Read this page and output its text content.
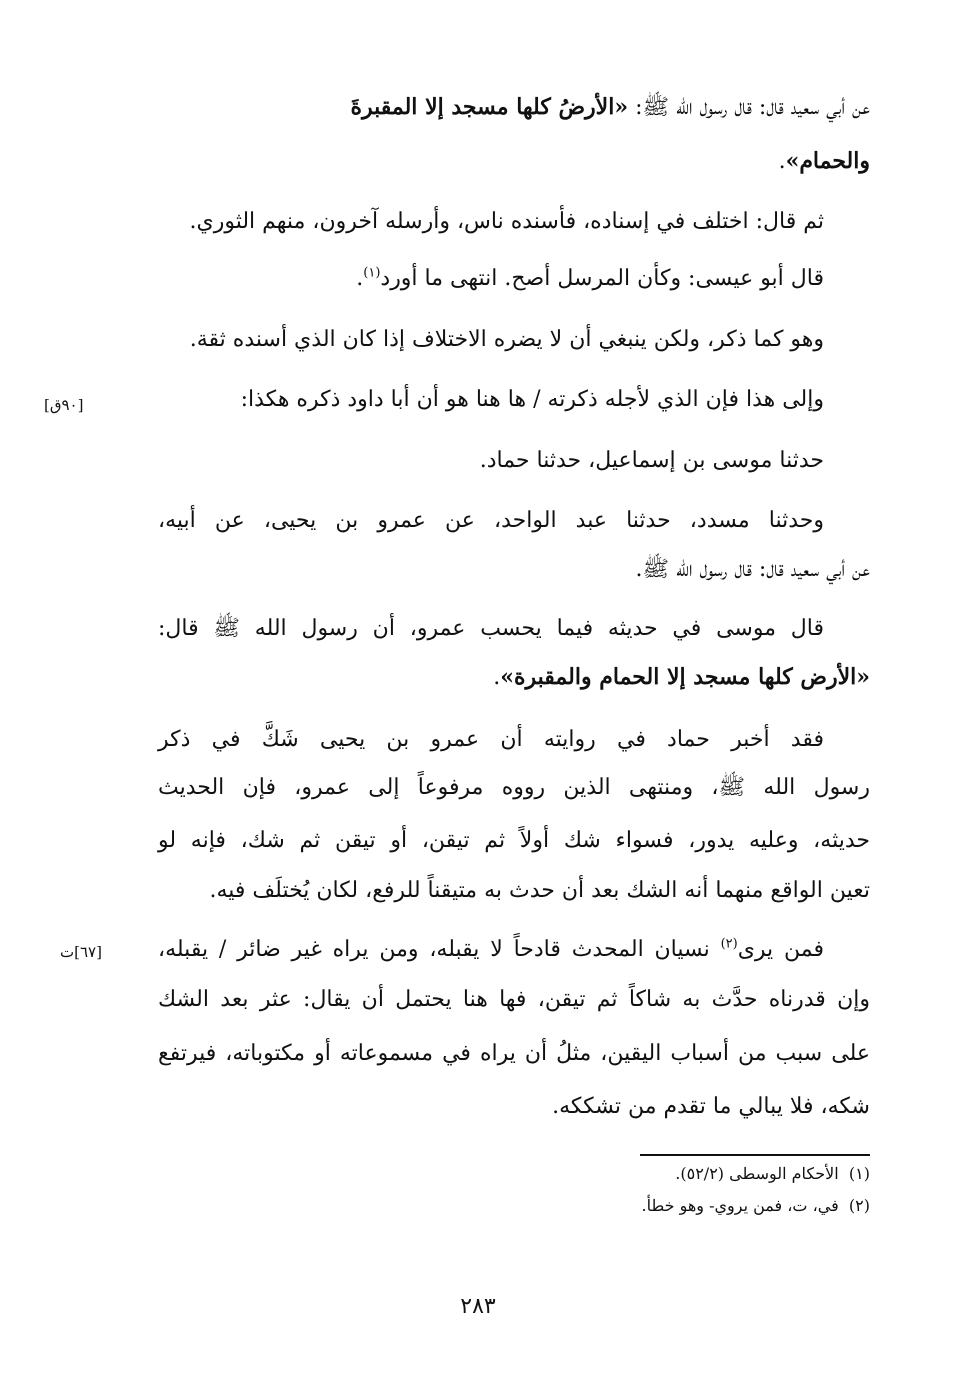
عن أبي سعيد قال: قال رسول الله ﷺ: «الأرضُ كلها مسجد إلا المقبرةَ
والحمام».
ثم قال: اختلف في إسناده، فأسنده ناس، وأرسله آخرون، منهم الثوري.
قال أبو عيسى: وكأن المرسل أصح. انتهى ما أورد$^{(١)}$.
وهو كما ذكر، ولكن ينبغي أن لا يضره الاختلاف إذا كان الذي أسنده ثقة.
وإلى هذا فإن الذي لأجله ذكرته / ها هنا هو أن أبا داود ذكره هكذا:
[٩٠ق]
حدثنا موسى بن إسماعيل، حدثنا حماد.
وحدثنا مسدد، حدثنا عبد الواحد، عن عمرو بن يحيى، عن أبيه،
عن أبي سعيد قال: قال رسول الله ﷺ.
قال موسى في حديثه فيما يحسب عمرو، أن رسول الله ﷺ قال:
«الأرض كلها مسجد إلا الحمام والمقبرة».
فقد أخبر حماد في روايته أن عمرو بن يحيى شَكَّ في ذكر
رسول الله ﷺ، ومنتهى الذين رووه مرفوعاً إلى عمرو، فإن الحديث
حديثه، وعليه يدور، فسواء شك أولاً ثم تيقن، أو تيقن ثم شك، فإنه لو
تعين الواقع منهما أنه الشك بعد أن حدث به متيقناً للرفع، لكان يُختلَف فيه.
فمن يرى$^{(٢)}$ نسيان المحدث قادحاً لا يقبله، ومن يراه غير ضائر / يقبله،
[٦٧]ت
وإن قدرناه حدَّث به شاكاً ثم تيقن، فها هنا يحتمل أن يقال: عثر بعد الشك
على سبب من أسباب اليقين، مثلُ أن يراه في مسموعاته أو مكتوباته، فيرتفع
شكه، فلا يبالي ما تقدم من تشككه.
(١)  الأحكام الوسطى (٥٢/٢).
(٢)  في، ت، فمن يروي- وهو خطأ.
٢٨٣
